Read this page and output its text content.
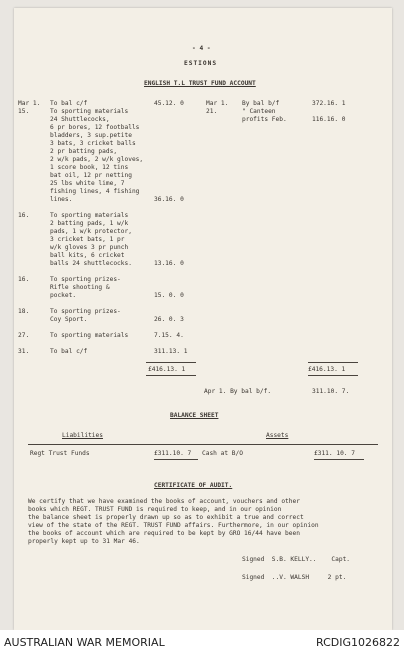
- 4 -
ESTIONS
ENGLISH T.L TRUST FUND ACCOUNT
Mar 1. To bal c/f	45.12. 0
15.	To sporting materials
24 Shuttlecocks,
6 pr bores, 12 footballs
bladders, 3 sup.petite
3 bats, 3 cricket balls
2 pr batting pads,
2 w/k pads, 2 w/k gloves,
1 score book, 12 tins
bat oil, 12 pr netting
25 lbs white lime, 7
fishing lines, 4 fishing
lines.	36.16. 0
16.	To sporting materials
2 batting pads, 1 w/k
pads, 1 w/k protector,
3 cricket bats, 1 pr
w/k gloves 3 pr punch
ball kits, 6 cricket
balls 24 shuttlecocks.	13.16. 0
16.	To sporting prizes-
Rifle shooting &
pocket.	15. 0. 0
18.	To sporting prizes-
Coy Sport.	26. 0. 3
27.	To sporting materials	7.15. 4.
31.	To bal c/f	311.13. 1
Mar 1. By bal b/f	372.16. 1
21.	" Canteen
profits Feb.	116.16. 0
£416.13. 1	£416.13. 1
Apr 1. By bal b/f.	311.10. 7.
BALANCE SHEET
Liabilities	Assets
Regt Trust Funds	£311.10. 7 Cash at B/O	£311. 10. 7
CERTIFICATE OF AUDIT.
We certify that we have examined the books of account, vouchers and other
books which REGT. TRUST FUND is required to keep, and in our opinion
the balance sheet is properly drawn up so as to exhibit a true and correct
view of the state of the REGT. TRUST FUND affairs. Furthermore, in our opinion
the books of account which are required to be kept by GRO 16/44 have been
properly kept up to 31 Mar 46.
Signed  S.B. KELLY..    Capt.
Signed  ..V. WALSH     2 pt.
AUSTRALIAN WAR MEMORIAL	RCDIG1026822
